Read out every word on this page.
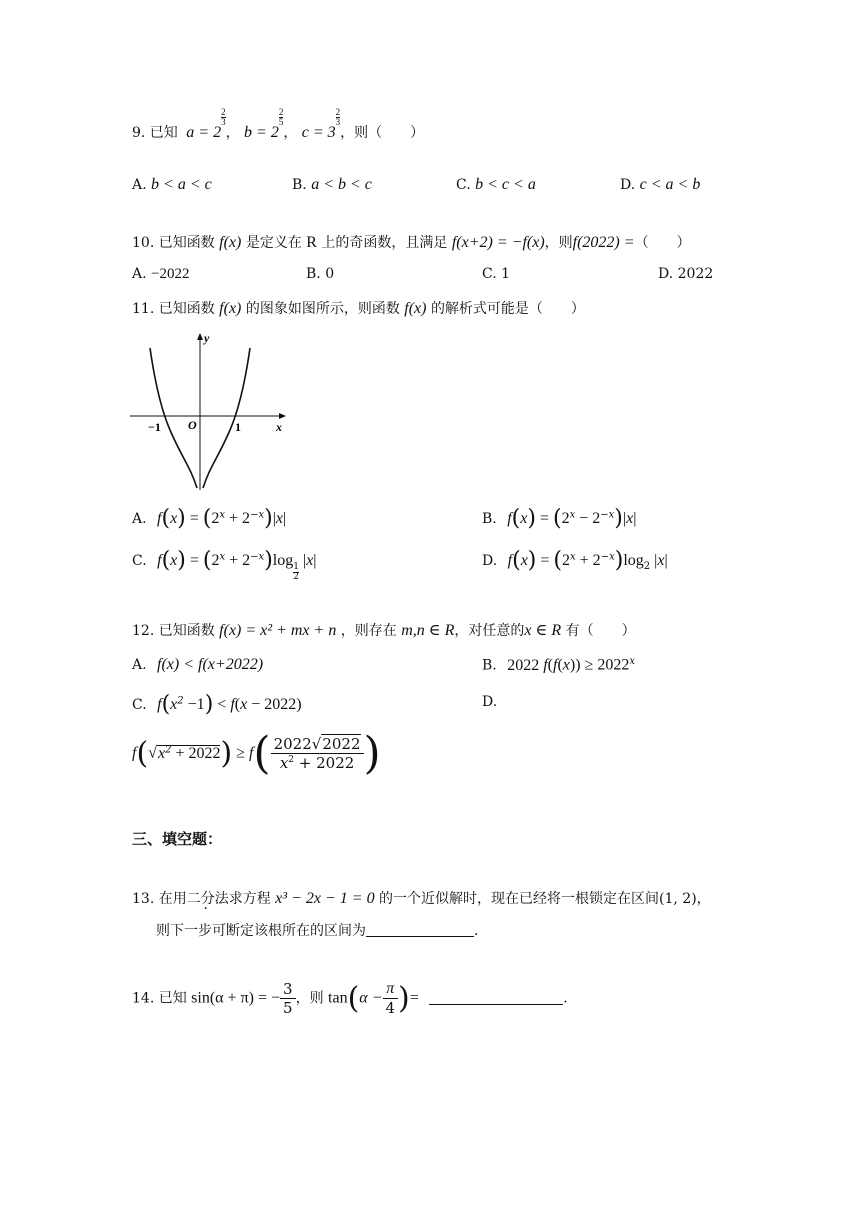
9. 已知 a = 2
$\frac{2}{3}$
， b = 2
$\frac{2}{5}$
， c = 3
$\frac{2}{3}$
，则（　　）
A. b < a < c	B. a < b < c	C. b < c < a	D. c < a < b
10. 已知函数 f(x) 是定义在 R 上的奇函数，且满足 f(x+2) = −f(x)，则f(2022) =（　　）
A. −2022	B. 0	C. 1	D. 2022
11. 已知函数 f(x) 的图象如图所示，则函数 f(x) 的解析式可能是（　　）
y
x
O
−1	1
A. $f(x) = (2^x + 2^{-x})|x|$	B. $f(x) = (2^x - 2^{-x})|x|$
C. $f(x) = (2^x + 2^{-x})\log$
$\frac{1}{2}$
|x|	D. $f(x) = (2^x + 2^{-x})\log_2$ |x|
12. 已知函数 f(x) = x² + mx + n ，则存在 m,n ∈ R，对任意的x ∈ R 有（　　）
A. f(x) < f(x+2022)	B. 2022 $f(f(x)) \ge 2022^x$
C. $f(x^2 -1) < f(x - 2022)$	D.
$f(√x^2 + 2022) \ge f( \frac{2022√2022}{x^2 + 2022}$ )
三、填空题：
13. 在用二分法求方程 x³ − 2x − 1 = 0 的一个近似解时，现在已经将一根锁定在区间(1, 2)，
则下一步可断定该根所在的区间为	.
14. 已知 sin(α + π) = − $\frac{3}{5}$ ，则 $\tan(\alpha - \frac{\pi}{4}$ )=	.
